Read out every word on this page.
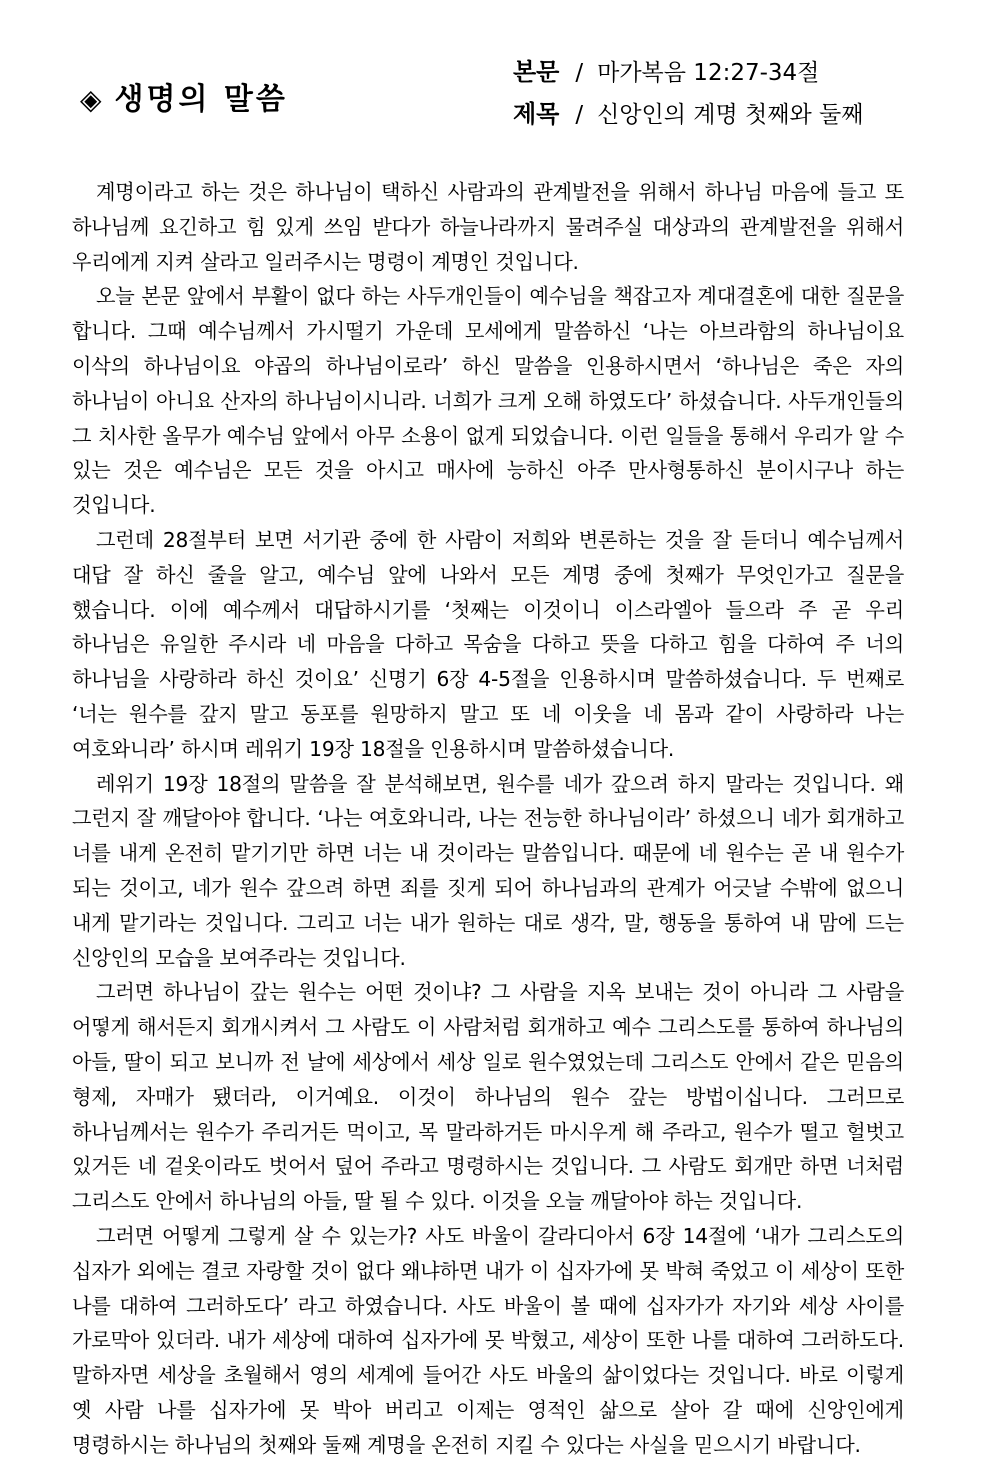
◈ 생명의 말씀
본문 / 마가복음 12:27-34절
제목 / 신앙인의 계명 첫째와 둘째

계명이라고 하는 것은 하나님이 택하신 사람과의 관계발전을 위해서 하나님 마음에 들고 또 하나님께 요긴하고 힘 있게 쓰임 받다가 하늘나라까지 물려주실 대상과의 관계발전을 위해서 우리에게 지켜 살라고 일러주시는 명령이 계명인 것입니다.

오늘 본문 앞에서 부활이 없다 하는 사두개인들이 예수님을 책잡고자 계대결혼에 대한 질문을 합니다. 그때 예수님께서 가시떨기 가운데 모세에게 말씀하신 ‘나는 아브라함의 하나님이요 이삭의 하나님이요 야곱의 하나님이로라’ 하신 말씀을 인용하시면서 ‘하나님은 죽은 자의 하나님이 아니요 산자의 하나님이시니라. 너희가 크게 오해 하였도다’ 하셨습니다. 사두개인들의 그 치사한 올무가 예수님 앞에서 아무 소용이 없게 되었습니다. 이런 일들을 통해서 우리가 알 수 있는 것은 예수님은 모든 것을 아시고 매사에 능하신 아주 만사형통하신 분이시구나 하는 것입니다.

그런데 28절부터 보면 서기관 중에 한 사람이 저희와 변론하는 것을 잘 듣더니 예수님께서 대답 잘 하신 줄을 알고, 예수님 앞에 나와서 모든 계명 중에 첫째가 무엇인가고 질문을 했습니다. 이에 예수께서 대답하시기를 ‘첫째는 이것이니 이스라엘아 들으라 주 곧 우리 하나님은 유일한 주시라 네 마음을 다하고 목숨을 다하고 뜻을 다하고 힘을 다하여 주 너의 하나님을 사랑하라 하신 것이요’ 신명기 6장 4-5절을 인용하시며 말씀하셨습니다. 두 번째로 ‘너는 원수를 갚지 말고 동포를 원망하지 말고 또 네 이웃을 네 몸과 같이 사랑하라 나는 여호와니라’ 하시며 레위기 19장 18절을 인용하시며 말씀하셨습니다.

레위기 19장 18절의 말씀을 잘 분석해보면, 원수를 네가 갚으려 하지 말라는 것입니다. 왜 그런지 잘 깨달아야 합니다. ‘나는 여호와니라, 나는 전능한 하나님이라’ 하셨으니 네가 회개하고 너를 내게 온전히 맡기기만 하면 너는 내 것이라는 말씀입니다. 때문에 네 원수는 곧 내 원수가 되는 것이고, 네가 원수 갚으려 하면 죄를 짓게 되어 하나님과의 관계가 어긋날 수밖에 없으니 내게 맡기라는 것입니다. 그리고 너는 내가 원하는 대로 생각, 말, 행동을 통하여 내 맘에 드는 신앙인의 모습을 보여주라는 것입니다.

그러면 하나님이 갚는 원수는 어떤 것이냐? 그 사람을 지옥 보내는 것이 아니라 그 사람을 어떻게 해서든지 회개시켜서 그 사람도 이 사람처럼 회개하고 예수 그리스도를 통하여 하나님의 아들, 딸이 되고 보니까 전 날에 세상에서 세상 일로 원수였었는데 그리스도 안에서 같은 믿음의 형제, 자매가 됐더라, 이거예요. 이것이 하나님의 원수 갚는 방법이십니다. 그러므로 하나님께서는 원수가 주리거든 먹이고, 목 말라하거든 마시우게 해 주라고, 원수가 떨고 헐벗고 있거든 네 겉옷이라도 벗어서 덮어 주라고 명령하시는 것입니다. 그 사람도 회개만 하면 너처럼 그리스도 안에서 하나님의 아들, 딸 될 수 있다. 이것을 오늘 깨달아야 하는 것입니다.

그러면 어떻게 그렇게 살 수 있는가? 사도 바울이 갈라디아서 6장 14절에 ‘내가 그리스도의 십자가 외에는 결코 자랑할 것이 없다 왜냐하면 내가 이 십자가에 못 박혀 죽었고 이 세상이 또한 나를 대하여 그러하도다’ 라고 하였습니다. 사도 바울이 볼 때에 십자가가 자기와 세상 사이를 가로막아 있더라. 내가 세상에 대하여 십자가에 못 박혔고, 세상이 또한 나를 대하여 그러하도다. 말하자면 세상을 초월해서 영의 세계에 들어간 사도 바울의 삶이었다는 것입니다. 바로 이렇게 옛 사람 나를 십자가에 못 박아 버리고 이제는 영적인 삶으로 살아 갈 때에 신앙인에게 명령하시는 하나님의 첫째와 둘째 계명을 온전히 지킬 수 있다는 사실을 믿으시기 바랍니다.
